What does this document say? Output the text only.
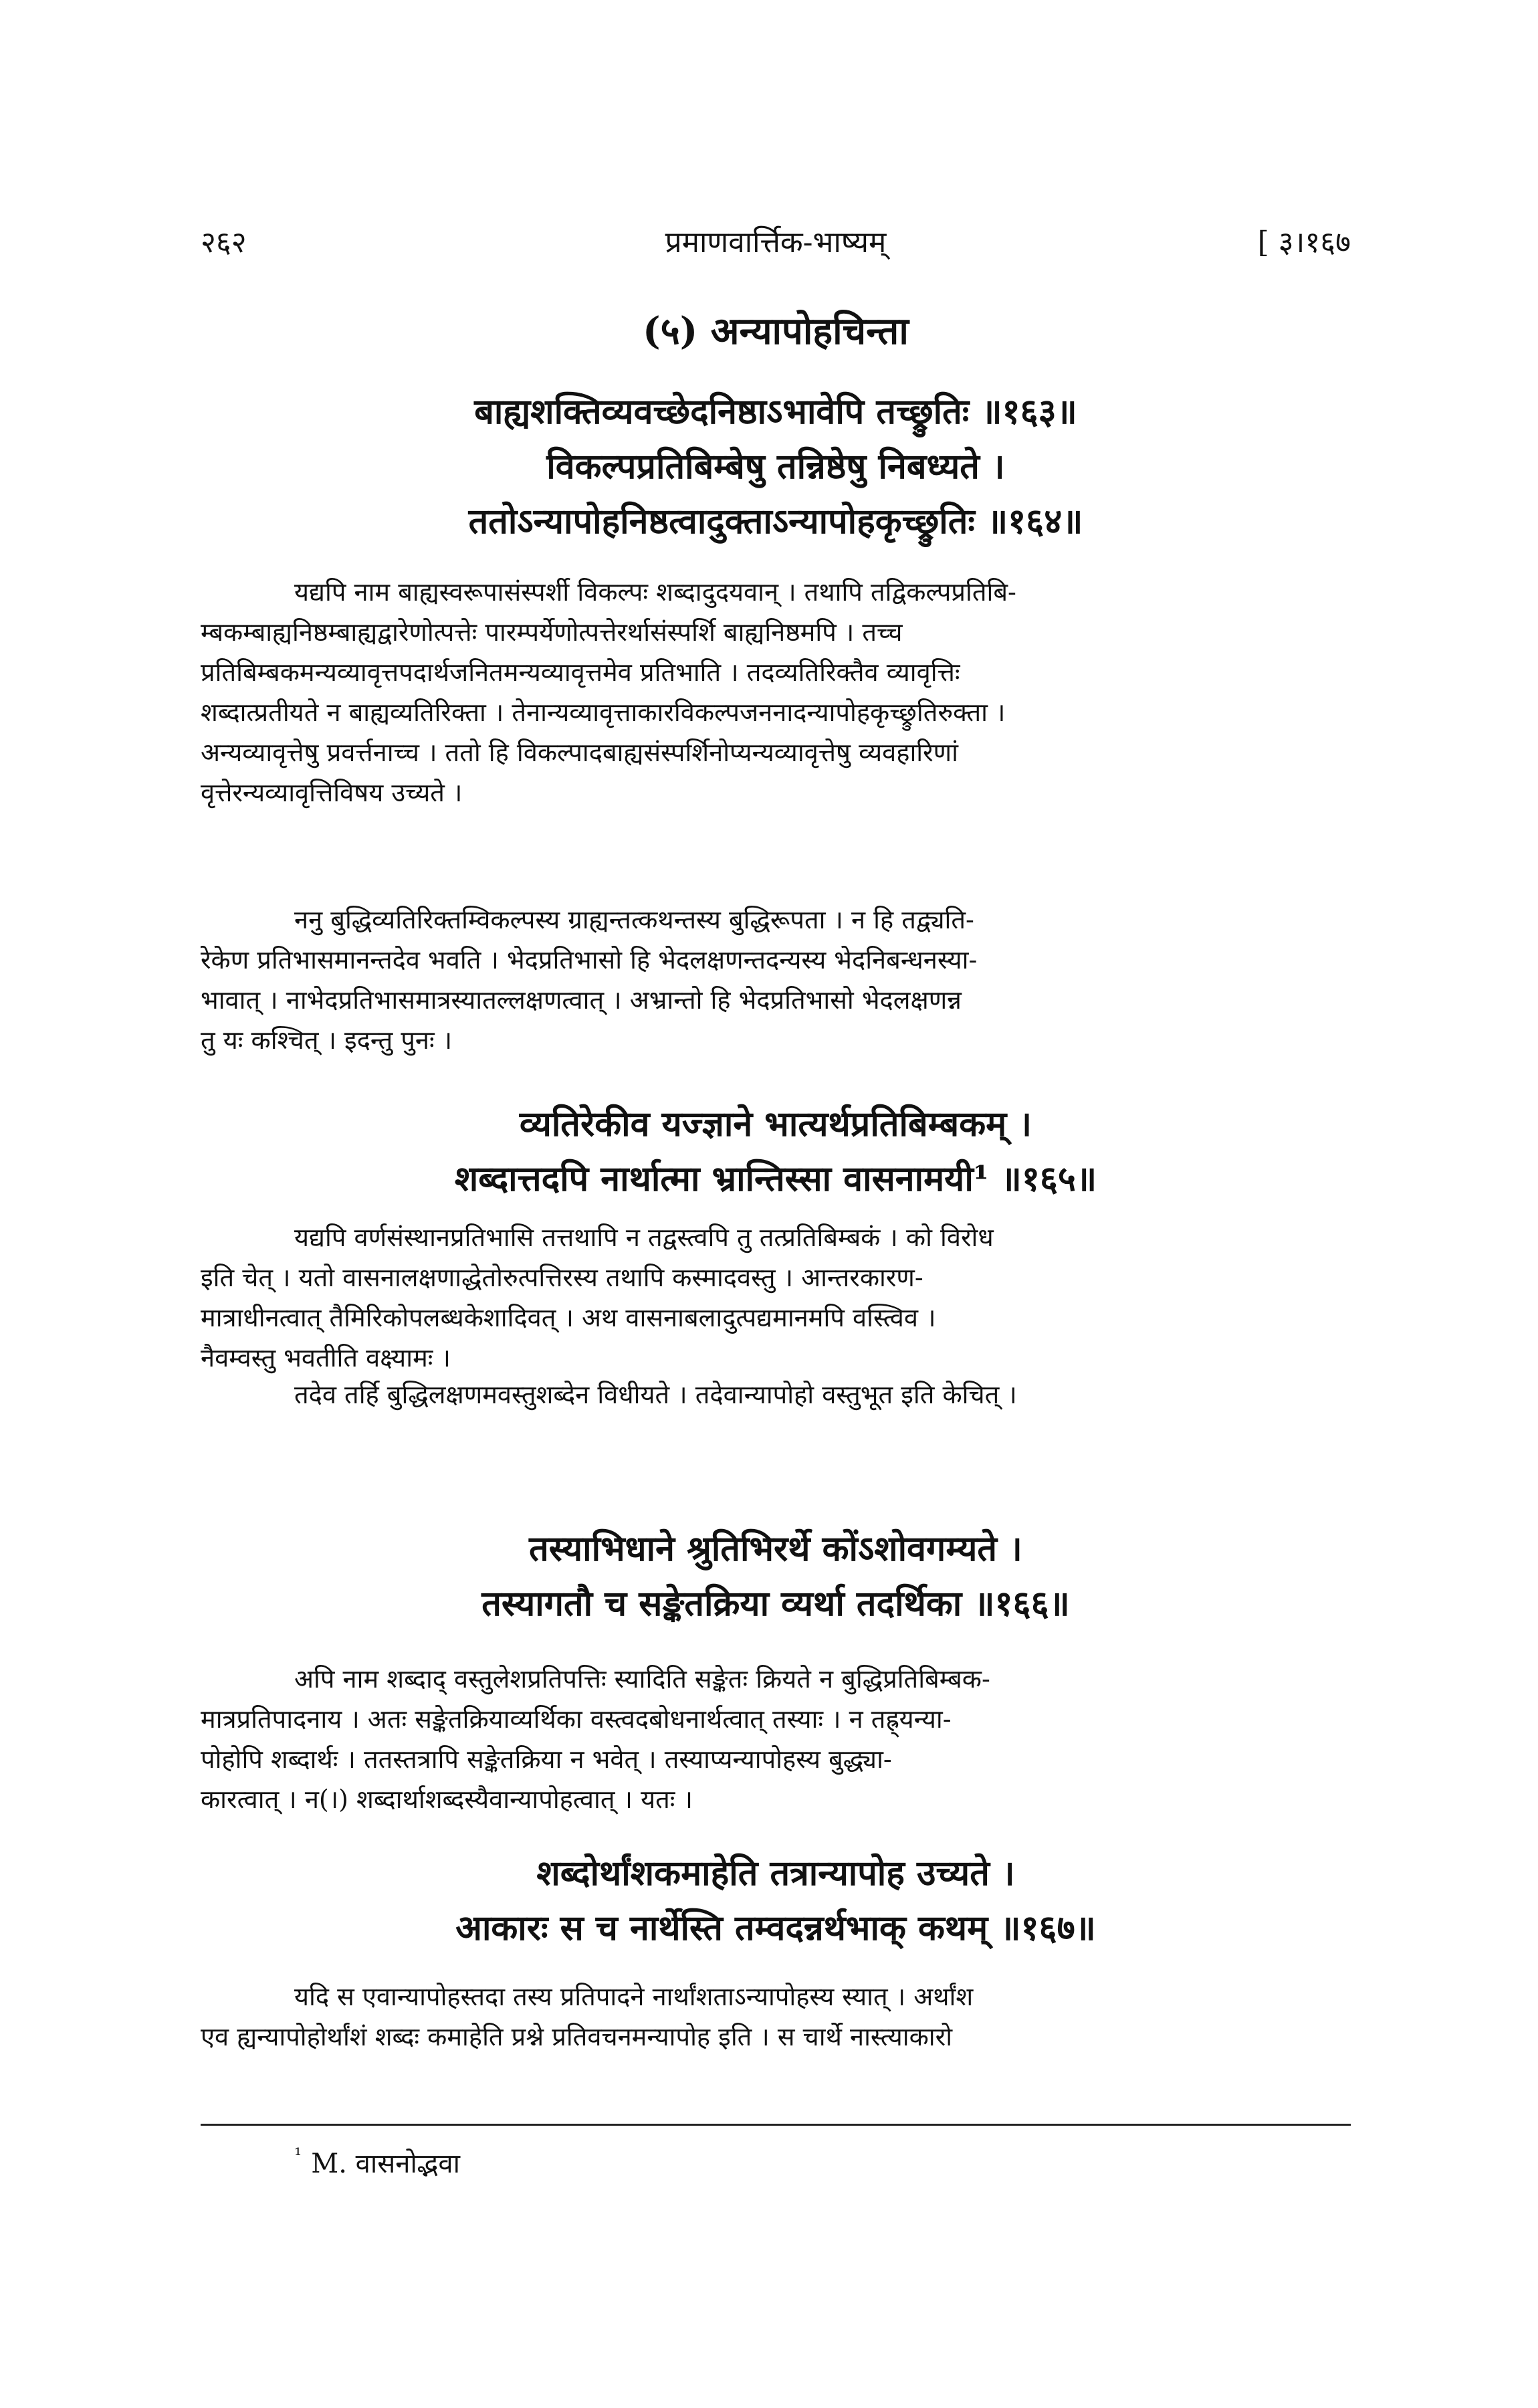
२६२	प्रमाणवार्त्तिक-भाष्यम्	[ ३।१६७
(५) अन्यापोहचिन्ता
बाह्यशक्तिव्यवच्छेदनिष्ठाऽभावेपि तच्छ्रुतिः ॥१६३॥
विकल्पप्रतिबिम्बेषु तन्निष्ठेषु निबध्यते ।
ततोऽन्यापोहनिष्ठत्वादुक्ताऽन्यापोहकृच्छ्रुतिः ॥१६४॥
यद्यपि नाम बाह्यस्वरूपासंस्पर्शी विकल्पः शब्दादुदयवान् । तथापि तद्विकल्पप्रतिबि-
म्बकम्बाह्यनिष्ठम्बाह्यद्वारेणोत्पत्तेः पारम्पर्येणोत्पत्तेरर्थासंस्पर्शि बाह्यनिष्ठमपि । तच्च
प्रतिबिम्बकमन्यव्यावृत्तपदार्थजनितमन्यव्यावृत्तमेव प्रतिभाति । तदव्यतिरिक्तैव व्यावृत्तिः
शब्दात्प्रतीयते न बाह्यव्यतिरिक्ता । तेनान्यव्यावृत्ताकारविकल्पजननादन्यापोहकृच्छ्रुतिरुक्ता ।
अन्यव्यावृत्तेषु प्रवर्त्तनाच्च । ततो हि विकल्पादबाह्यसंस्पर्शिनोप्यन्यव्यावृत्तेषु व्यवहारिणां
वृत्तेरन्यव्यावृत्तिविषय उच्यते ।
ननु बुद्धिव्यतिरिक्तम्विकल्पस्य ग्राह्यन्तत्कथन्तस्य बुद्धिरूपता । न हि तद्व्यति-
रेकेण प्रतिभासमानन्तदेव भवति । भेदप्रतिभासो हि भेदलक्षणन्तदन्यस्य भेदनिबन्धनस्या-
भावात् । नाभेदप्रतिभासमात्रस्यातल्लक्षणत्वात् । अभ्रान्तो हि भेदप्रतिभासो भेदलक्षणन्न
तु यः कश्चित् । इदन्तु पुनः ।
व्यतिरेकीव यज्ज्ञाने भात्यर्थप्रतिबिम्बकम् ।
शब्दात्तदपि नार्थात्मा भ्रान्तिस्सा वासनामयी¹ ॥१६५॥
यद्यपि वर्णसंस्थानप्रतिभासि तत्तथापि न तद्वस्त्वपि तु तत्प्रतिबिम्बकं । को विरोध
इति चेत् । यतो वासनालक्षणाद्धेतोरुत्पत्तिरस्य तथापि कस्मादवस्तु । आन्तरकारण-
मात्राधीनत्वात् तैमिरिकोपलब्धकेशादिवत् । अथ वासनाबलादुत्पद्यमानमपि वस्त्विव ।
नैवम्वस्तु भवतीति वक्ष्यामः ।
तदेव तर्हि बुद्धिलक्षणमवस्तुशब्देन विधीयते । तदेवान्यापोहो वस्तुभूत इति केचित् ।
तस्याभिधाने श्रुतिभिरर्थे कोंऽशोवगम्यते ।
तस्यागतौ च सङ्केतक्रिया व्यर्था तदर्थिका ॥१६६॥
अपि नाम शब्दाद् वस्तुलेशप्रतिपत्तिः स्यादिति सङ्केतः क्रियते न बुद्धिप्रतिबिम्बक-
मात्रप्रतिपादनाय । अतः सङ्केतक्रियाव्यर्थिका वस्त्वदबोधनार्थत्वात् तस्याः । न तह्र्यन्या-
पोहोपि शब्दार्थः । ततस्तत्रापि सङ्केतक्रिया न भवेत् । तस्याप्यन्यापोहस्य बुद्ध्या-
कारत्वात् । न(।) शब्दार्थाशब्दस्यैवान्यापोहत्वात् । यतः ।
शब्दोर्थांशकमाहेति तत्रान्यापोह उच्यते ।
आकारः स च नार्थेस्ति तम्वदन्नर्थभाक् कथम् ॥१६७॥
यदि स एवान्यापोहस्तदा तस्य प्रतिपादने नार्थांशताऽन्यापोहस्य स्यात् । अर्थांश
एव ह्यन्यापोहोर्थांशं शब्दः कमाहेति प्रश्ने प्रतिवचनमन्यापोह इति । स चार्थे नास्त्याकारो
$^{^1}$ M. वासनोद्भवा
